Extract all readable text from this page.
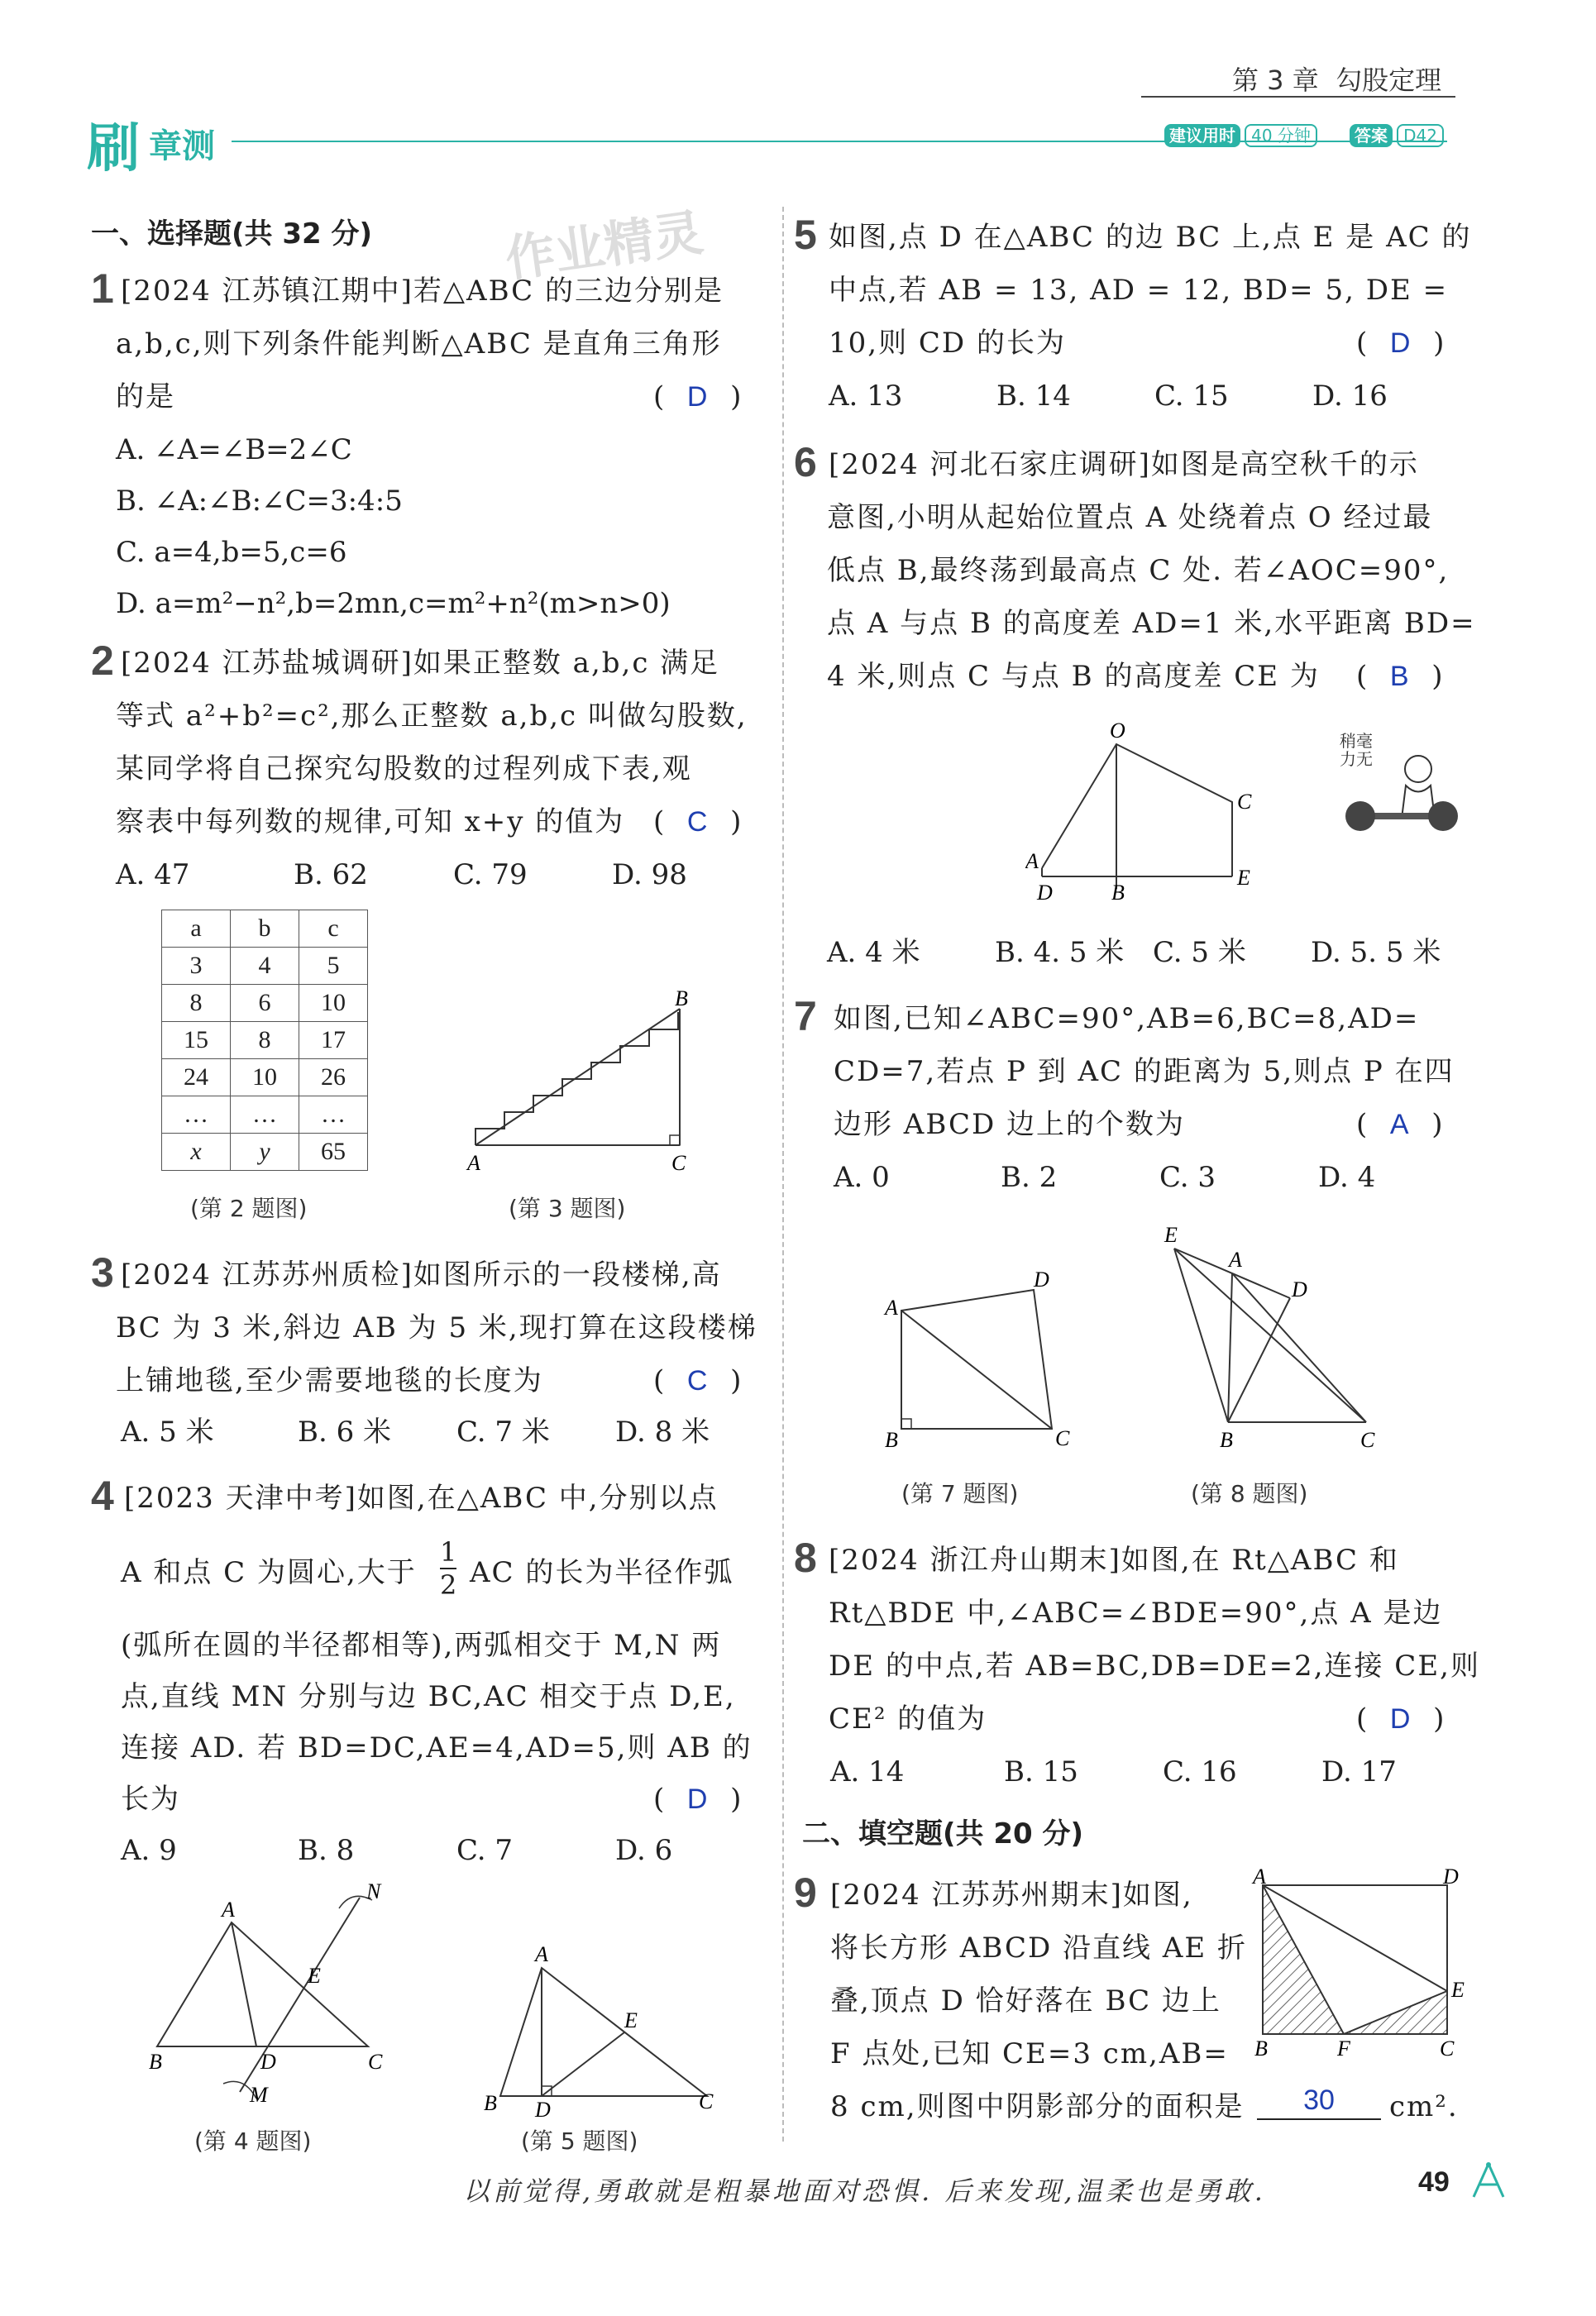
第 3 章 勾股定理
刷 章测	建议用时 40 分钟	答案 D42
作业精灵
一、选择题(共 32 分)
1 [2024 江苏镇江期中]若△ABC 的三边分别是
a,b,c,则下列条件能判断△ABC 是直角三角形
的是	(  D  )
A. ∠A=∠B=2∠C
B. ∠A:∠B:∠C=3:4:5
C. a=4,b=5,c=6
D. a=m²−n²,b=2mn,c=m²+n²(m>n>0)
2 [2024 江苏盐城调研]如果正整数 a,b,c 满足
等式 a²+b²=c²,那么正整数 a,b,c 叫做勾股数,
某同学将自己探究勾股数的过程列成下表,观
察表中每列数的规律,可知 x+y 的值为 (  C  )
A. 47	B. 62	C. 79	D. 98
a	b	c
3	4	5
8	6	10
15	8	17
24	10	26
…	…	…
x	y	65
(第 2 题图)
A	C
B
(第 3 题图)
3 [2024 江苏苏州质检]如图所示的一段楼梯,高
BC 为 3 米,斜边 AB 为 5 米,现打算在这段楼梯
上铺地毯,至少需要地毯的长度为	(  C  )
A. 5 米	B. 6 米 C. 7 米 D. 8 米
4 [2023 天津中考]如图,在△ABC 中,分别以点
A 和点 C 为圆心,大于
1
2 AC 的长为半径作弧
(弧所在圆的半径都相等),两弧相交于 M,N 两
点,直线 MN 分别与边 BC,AC 相交于点 D,E,
连接 AD. 若 BD=DC,AE=4,AD=5,则 AB 的
长为	(  D  )
A. 9	B. 8	C. 7	D. 6
A
B	C
D
E
M
N
(第 4 题图)
A
B D	C
E
(第 5 题图)
5 如图,点 D 在△ABC 的边 BC 上,点 E 是 AC 的
中点,若 AB = 13, AD = 12, BD= 5, DE =
10,则 CD 的长为	(  D  )
A. 13	B. 14	C. 15	D. 16
6 [2024 河北石家庄调研]如图是高空秋千的示
意图,小明从起始位置点 A 处绕着点 O 经过最
低点 B,最终荡到最高点 C 处. 若∠AOC=90°,
点 A 与点 B 的高度差 AD=1 米,水平距离 BD=
4 米,则点 C 与点 B 的高度差 CE 为 (  B  )
O
A
D	B
C
E
稍毫力无
A. 4 米	B. 4. 5 米 C. 5 米 D. 5. 5 米
7 如图,已知∠ABC=90°,AB=6,BC=8,AD=
CD=7,若点 P 到 AC 的距离为 5,则点 P 在四
边形 ABCD 边上的个数为	(  A  )
A. 0	B. 2	C. 3	D. 4
A
D
B	C
(第 7 题图)
E
A
D
B	C
(第 8 题图)
8 [2024 浙江舟山期末]如图,在 Rt△ABC 和
Rt△BDE 中,∠ABC=∠BDE=90°,点 A 是边
DE 的中点,若 AB=BC,DB=DE=2,连接 CE,则
CE² 的值为	(  D  )
A. 14	B. 15	C. 16	D. 17
二、填空题(共 20 分)
9 [2024 江苏苏州期末]如图,
将长方形 ABCD 沿直线 AE 折
叠,顶点 D 恰好落在 BC 边上
F 点处,已知 CE=3 cm,AB=
8 cm,则图中阴影部分的面积是	30	cm².
A	D
E
B	F	C
以前觉得,勇敢就是粗暴地面对恐惧. 后来发现,温柔也是勇敢.	49
